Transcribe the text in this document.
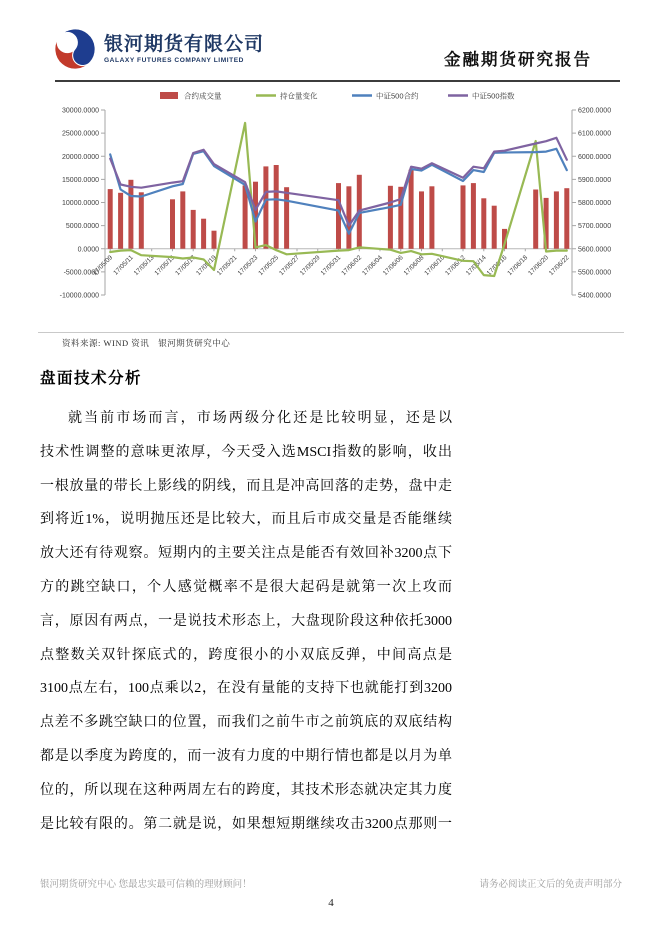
银河期货有限公司
GALAXY FUTURES COMPANY LIMITED	金融期货研究报告
合约成交量	持仓量变化	中证500合约	中证500指数
30000.0000
25000.0000
20000.0000
15000.0000
10000.0000
5000.0000
0.0000
-5000.0000
-10000.0000
6200.0000
6100.0000
6000.0000
5900.0000
5800.0000
5700.0000
5600.0000
5500.0000
5400.0000
17/05/09
17/05/11
17/05/13
17/05/15
17/05/17
17/05/19
17/05/21
17/05/23
17/05/25
17/05/27
17/05/29
17/05/31
17/06/02
17/06/04
17/06/06
17/06/08
17/06/10
17/06/12
17/06/14
17/06/16
17/06/18
17/06/20
17/06/22
资料来源: WIND 资讯　银河期货研究中心
盘面技术分析
就当前市场而言，市场两级分化还是比较明显，还是以
技术性调整的意味更浓厚，今天受入选MSCI指数的影响，收出
一根放量的带长上影线的阴线，而且是冲高回落的走势，盘中走
到将近1%，说明抛压还是比较大，而且后市成交量是否能继续
放大还有待观察。短期内的主要关注点是能否有效回补3200点下
方的跳空缺口，个人感觉概率不是很大起码是就第一次上攻而
言，原因有两点，一是说技术形态上，大盘现阶段这种依托3000
点整数关双针探底式的，跨度很小的小双底反弹，中间高点是
3100点左右，100点乘以2，在没有量能的支持下也就能打到3200
点差不多跳空缺口的位置，而我们之前牛市之前筑底的双底结构
都是以季度为跨度的，而一波有力度的中期行情也都是以月为单
位的，所以现在这种两周左右的跨度，其技术形态就决定其力度
是比较有限的。第二就是说，如果想短期继续攻击3200点那则一
银河期货研究中心 您最忠实最可信赖的理财顾问！	请务必阅读正文后的免责声明部分
4
